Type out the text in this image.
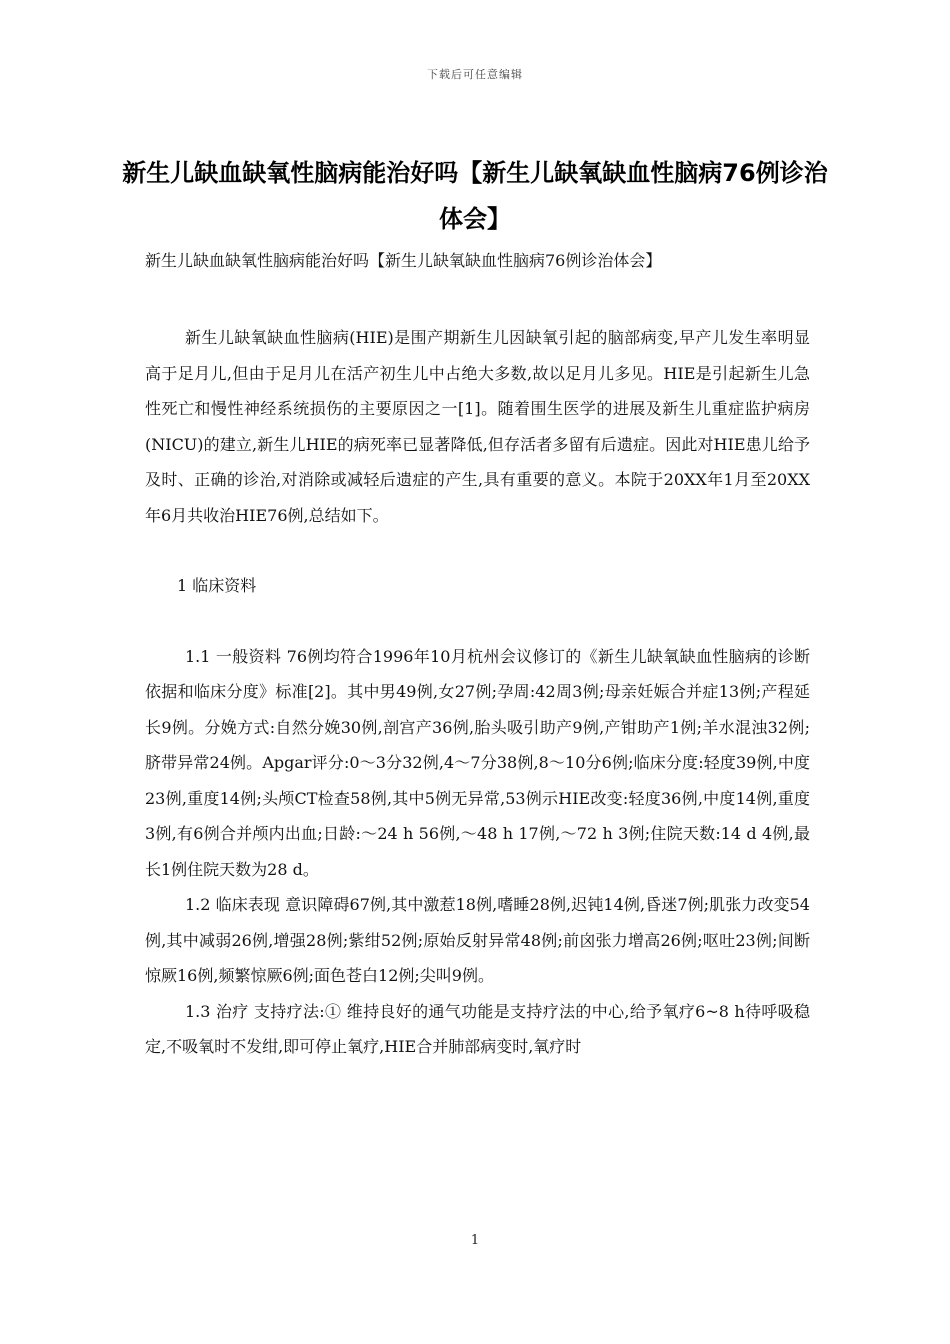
下载后可任意编辑
新生儿缺血缺氧性脑病能治好吗【新生儿缺氧缺血性脑病76例诊治体会】
新生儿缺血缺氧性脑病能治好吗【新生儿缺氧缺血性脑病76例诊治体会】

新生儿缺氧缺血性脑病(HIE)是围产期新生儿因缺氧引起的脑部病变,早产儿发生率明显高于足月儿,但由于足月儿在活产初生儿中占绝大多数,故以足月儿多见。HIE是引起新生儿急性死亡和慢性神经系统损伤的主要原因之一[1]。随着围生医学的进展及新生儿重症监护病房(NICU)的建立,新生儿HIE的病死率已显著降低,但存活者多留有后遗症。因此对HIE患儿给予及时、正确的诊治,对消除或减轻后遗症的产生,具有重要的意义。本院于20XX年1月至20XX年6月共收治HIE76例,总结如下。

1 临床资料

1.1 一般资料 76例均符合1996年10月杭州会议修订的《新生儿缺氧缺血性脑病的诊断依据和临床分度》标准[2]。其中男49例,女27例;孕周:42周3例;母亲妊娠合并症13例;产程延长9例。分娩方式:自然分娩30例,剖宫产36例,胎头吸引助产9例,产钳助产1例;羊水混浊32例;脐带异常24例。Apgar评分:0～3分32例,4～7分38例,8～10分6例;临床分度:轻度39例,中度23例,重度14例;头颅CT检查58例,其中5例无异常,53例示HIE改变:轻度36例,中度14例,重度3例,有6例合并颅内出血;日龄:～24 h 56例,～48 h 17例,～72 h 3例;住院天数:14 d 4例,最长1例住院天数为28 d。

1.2 临床表现 意识障碍67例,其中激惹18例,嗜睡28例,迟钝14例,昏迷7例;肌张力改变54例,其中减弱26例,增强28例;紫绀52例;原始反射异常48例;前囟张力增高26例;呕吐23例;间断惊厥16例,频繁惊厥6例;面色苍白12例;尖叫9例。

1.3 治疗 支持疗法:① 维持良好的通气功能是支持疗法的中心,给予氧疗6~8 h待呼吸稳定,不吸氧时不发绀,即可停止氧疗,HIE合并肺部病变时,氧疗时

1
